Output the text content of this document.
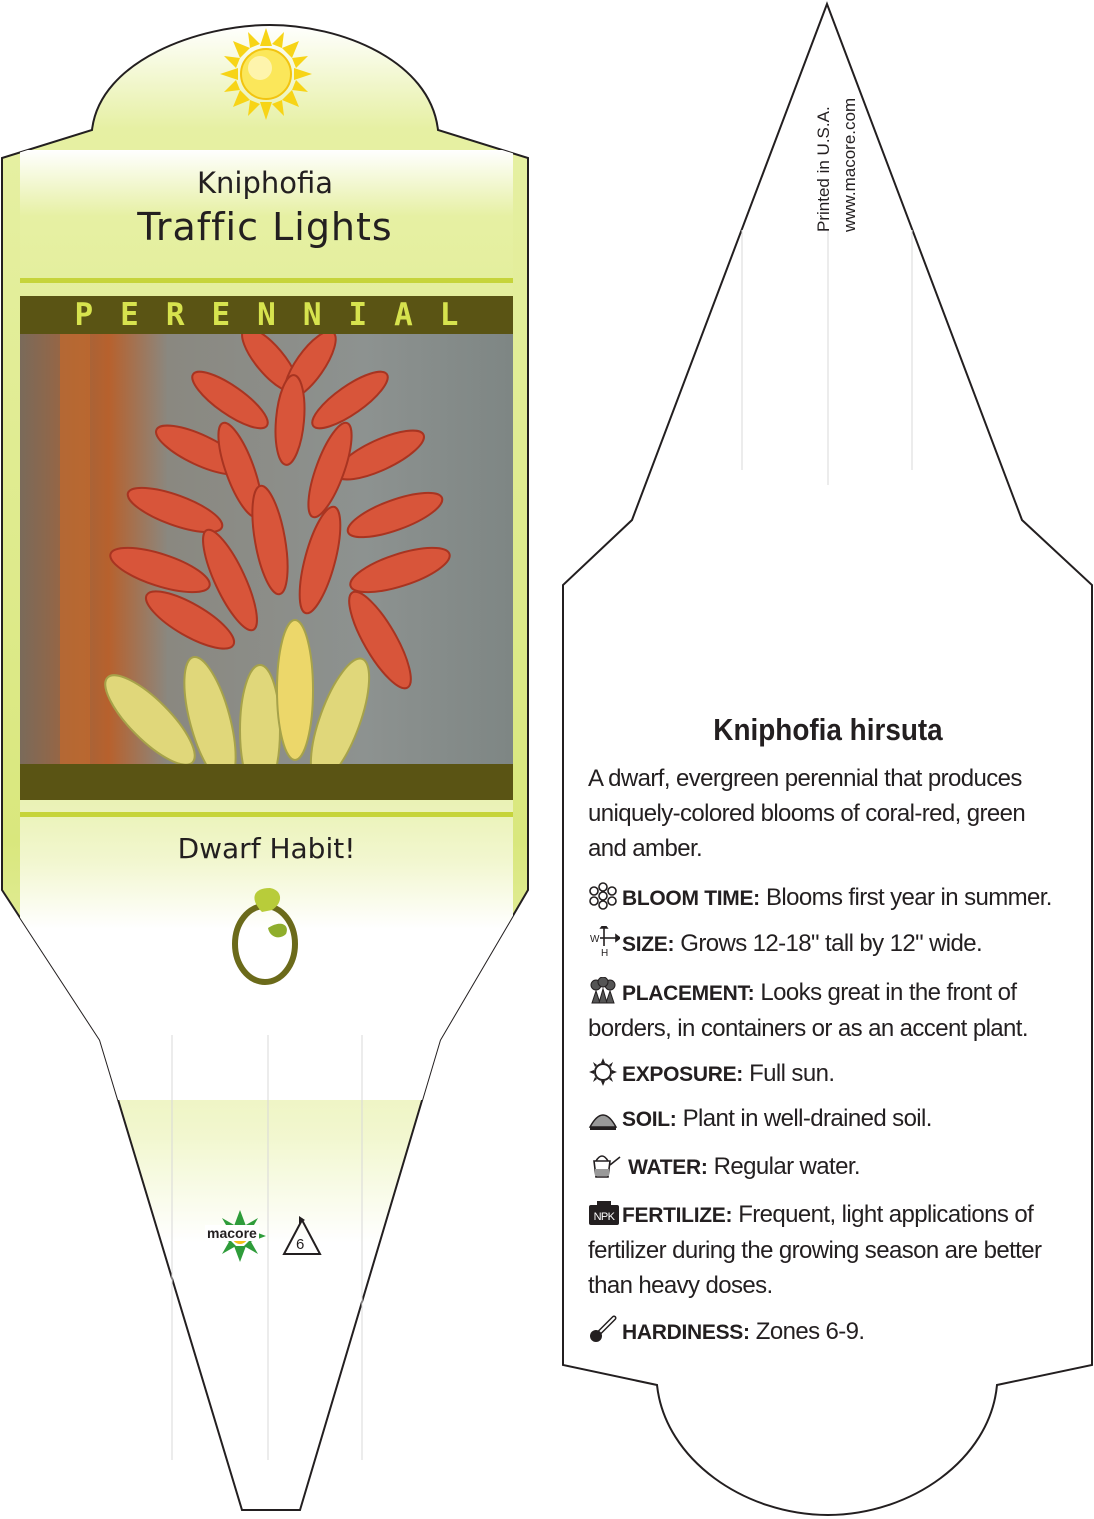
Kniphofia
Traffic Lights
PERENNIAL
Dwarf Habit!
macore
6
Printed in U.S.A. www.macore.com
Kniphofia hirsuta
A dwarf, evergreen perennial that produces uniquely-colored blooms of coral-red, green and amber.
BLOOM TIME: Blooms first year in summer.
W
H SIZE: Grows 12-18" tall by 12" wide.
PLACEMENT: Looks great in the front of borders, in containers or as an accent plant.
EXPOSURE: Full sun.
SOIL: Plant in well-drained soil.
WATER: Regular water.
NPK FERTILIZE: Frequent, light applications of fertilizer during the growing season are better than heavy doses.
HARDINESS: Zones 6-9.
